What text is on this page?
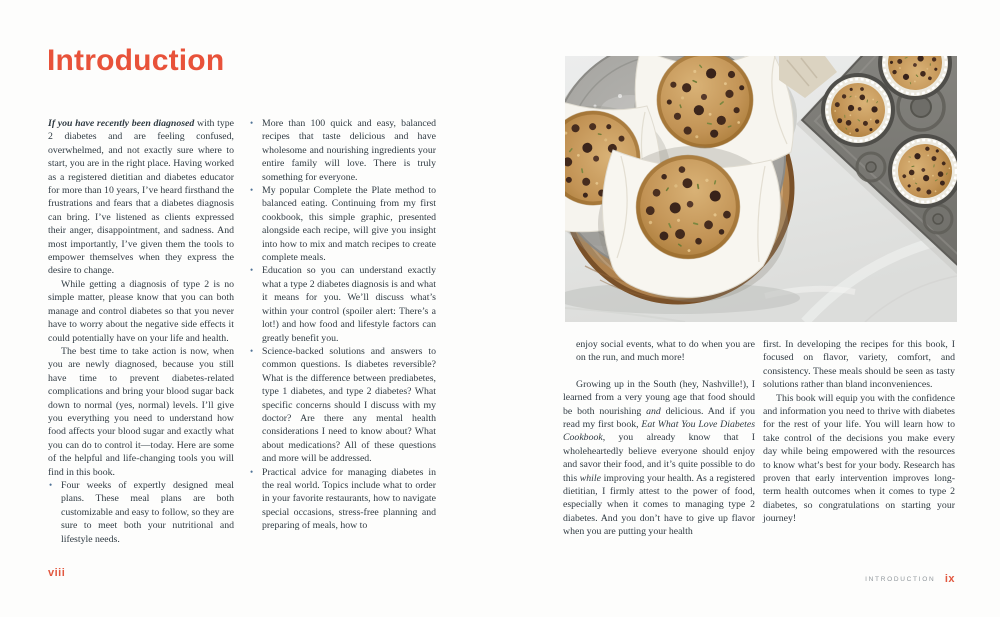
Introduction

If you have recently been diagnosed with type 2 diabetes and are feeling confused, overwhelmed, and not exactly sure where to start, you are in the right place. Having worked as a registered dietitian and diabetes educator for more than 10 years, I’ve heard firsthand the frustrations and fears that a diabetes diagnosis can bring. I’ve listened as clients expressed their anger, disappointment, and sadness. And most importantly, I’ve given them the tools to empower themselves when they express the desire to change.

While getting a diagnosis of type 2 is no simple matter, please know that you can both manage and control diabetes so that you never have to worry about the negative side effects it could potentially have on your life and health.

The best time to take action is now, when you are newly diagnosed, because you still have time to prevent diabetes-related complications and bring your blood sugar back down to normal (yes, normal) levels. I’ll give you everything you need to understand how food affects your blood sugar and exactly what you can do to control it—today. Here are some of the helpful and life-changing tools you will find in this book.

• Four weeks of expertly designed meal plans. These meal plans are both customizable and easy to follow, so they are sure to meet both your nutritional and lifestyle needs.
• More than 100 quick and easy, balanced recipes that taste delicious and have wholesome and nourishing ingredients your entire family will love. There is truly something for everyone.
• My popular Complete the Plate method to balanced eating. Continuing from my first cookbook, this simple graphic, presented alongside each recipe, will give you insight into how to mix and match recipes to create complete meals.
• Education so you can understand exactly what a type 2 diabetes diagnosis is and what it means for you. We’ll discuss what’s within your control (spoiler alert: There’s a lot!) and how food and lifestyle factors can greatly benefit you.
• Science-backed solutions and answers to common questions. Is diabetes reversible? What is the difference between prediabetes, type 1 diabetes, and type 2 diabetes? What specific concerns should I discuss with my doctor? Are there any mental health considerations I need to know about? What about medications? All of these questions and more will be addressed.
• Practical advice for managing diabetes in the real world. Topics include what to order in your favorite restaurants, how to navigate special occasions, stress-free planning and preparing of meals, how to
viii

enjoy social events, what to do when you are on the run, and much more!

Growing up in the South (hey, Nashville!), I learned from a very young age that food should be both nourishing and delicious. And if you read my first book, Eat What You Love Diabetes Cookbook, you already know that I wholeheartedly believe everyone should enjoy and savor their food, and it’s quite possible to do this while improving your health. As a registered dietitian, I firmly attest to the power of food, especially when it comes to managing type 2 diabetes. And you don’t have to give up flavor when you are putting your health

first. In developing the recipes for this book, I focused on flavor, variety, comfort, and consistency. These meals should be seen as tasty solutions rather than bland inconveniences.

This book will equip you with the confidence and information you need to thrive with diabetes for the rest of your life. You will learn how to take control of the decisions you make every day while being empowered with the resources to know what’s best for your body. Research has proven that early intervention improves long-term health outcomes when it comes to type 2 diabetes, so congratulations on starting your journey!

INTRODUCTION ix
